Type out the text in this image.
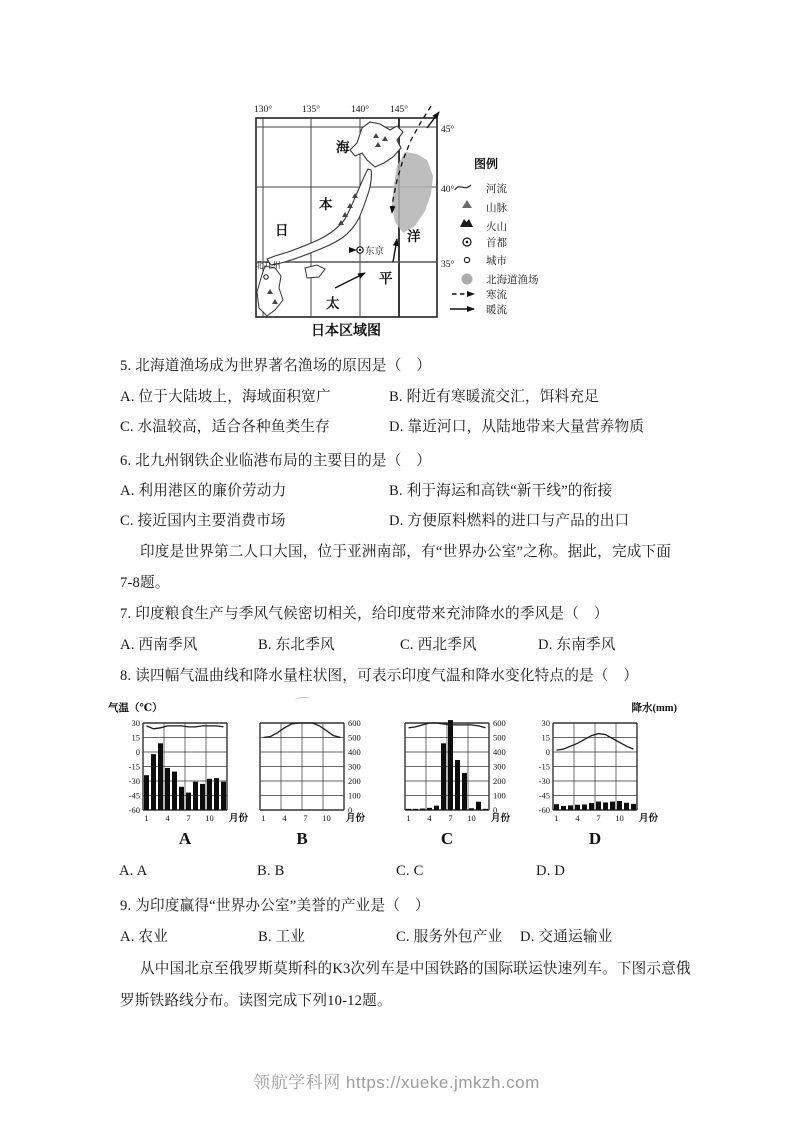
130°	135°	140° 145°
45°
40°
35°
东京
北九州
日
本
海
太
平
洋
图例
河流
山脉
火山
首都
城市
北海道渔场
寒流
暖流
日本区域图
5. 北海道渔场成为世界著名渔场的原因是（　）
A. 位于大陆坡上，海域面积宽广	B. 附近有寒暖流交汇，饵料充足
C. 水温较高，适合各种鱼类生存	D. 靠近河口，从陆地带来大量营养物质
6. 北九州钢铁企业临港布局的主要目的是（　）
A. 利用港区的廉价劳动力	B. 利于海运和高铁“新干线”的衔接
C. 接近国内主要消费市场	D. 方便原料燃料的进口与产品的出口
印度是世界第二人口大国，位于亚洲南部，有“世界办公室”之称。据此，完成下面
7-8题。
7. 印度粮食生产与季风气候密切相关，给印度带来充沛降水的季风是（　）
A. 西南季风	B. 东北季风	C. 西北季风	D. 东南季风
8. 读四幅气温曲线和降水量柱状图，可表示印度气温和降水变化特点的是（　）
30
15
0
-15
-30
-45
-60
1 4 7 10 月份
气温（℃）
A
600
500
400
300
200
100
0
1 4 7 10 月份
B
600
500
400
300
200
100
0
1 4 7 10 月份
C
30
15
0
-15
-30
-45
-60
1 4 7 10 月份
降水(mm)
D
A. A	B. B	C. C	D. D
9. 为印度赢得“世界办公室”美誉的产业是（　）
A. 农业	B. 工业	C. 服务外包产业 D. 交通运输业
从中国北京至俄罗斯莫斯科的K3次列车是中国铁路的国际联运快速列车。下图示意俄
罗斯铁路线分布。读图完成下列10-12题。
领航学科网 https://xueke.jmkzh.com
